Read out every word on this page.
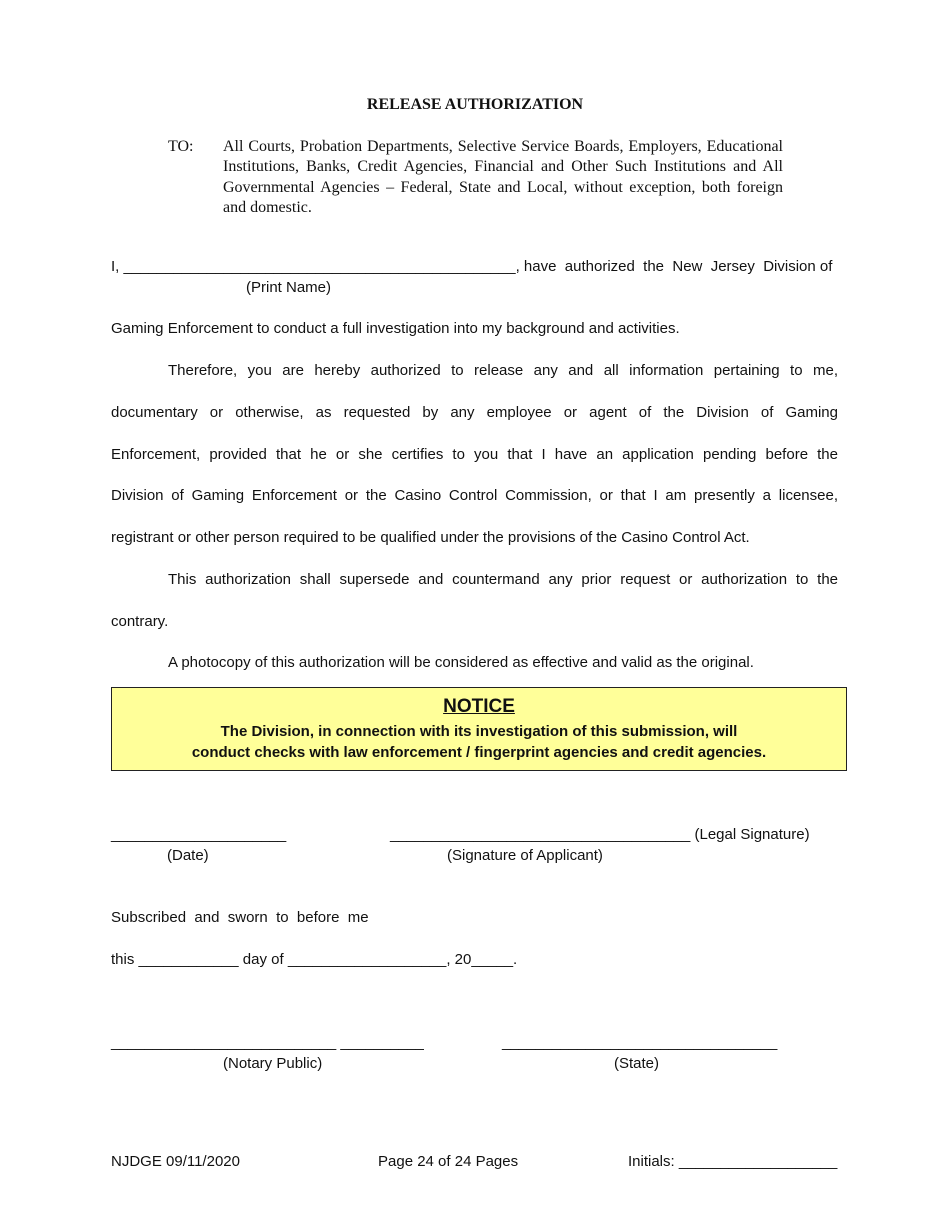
RELEASE AUTHORIZATION
TO: All Courts, Probation Departments, Selective Service Boards, Employers, Educational Institutions, Banks, Credit Agencies, Financial and Other Such Institutions and All Governmental Agencies – Federal, State and Local, without exception, both foreign and domestic.
I, _______________________________________________, have  authorized  the  New  Jersey  Division of
(Print Name)
Gaming Enforcement to conduct a full investigation into my background and activities.
Therefore, you are hereby authorized to release any and all information pertaining to me,
documentary or otherwise, as requested by any employee or agent of the Division of Gaming
Enforcement, provided that he or she certifies to you that I have an application pending before the
Division of Gaming Enforcement or the Casino Control Commission, or that I am presently a licensee,
registrant or other person required to be qualified under the provisions of the Casino Control Act.
This authorization shall supersede and countermand any prior request or authorization to the
contrary.
A photocopy of this authorization will be considered as effective and valid as the original.
NOTICE
The Division, in connection with its investigation of this submission, will
conduct checks with law enforcement / fingerprint agencies and credit agencies.
_____________________
(Date)
____________________________________ (Legal Signature)
(Signature of Applicant)
Subscribed  and  sworn  to  before  me
this ____________ day of ___________________, 20_____.
___________________________ __________
(Notary Public)
_________________________________
(State)
NJDGE 09/11/2020	Page 24 of 24 Pages	Initials: ___________________
